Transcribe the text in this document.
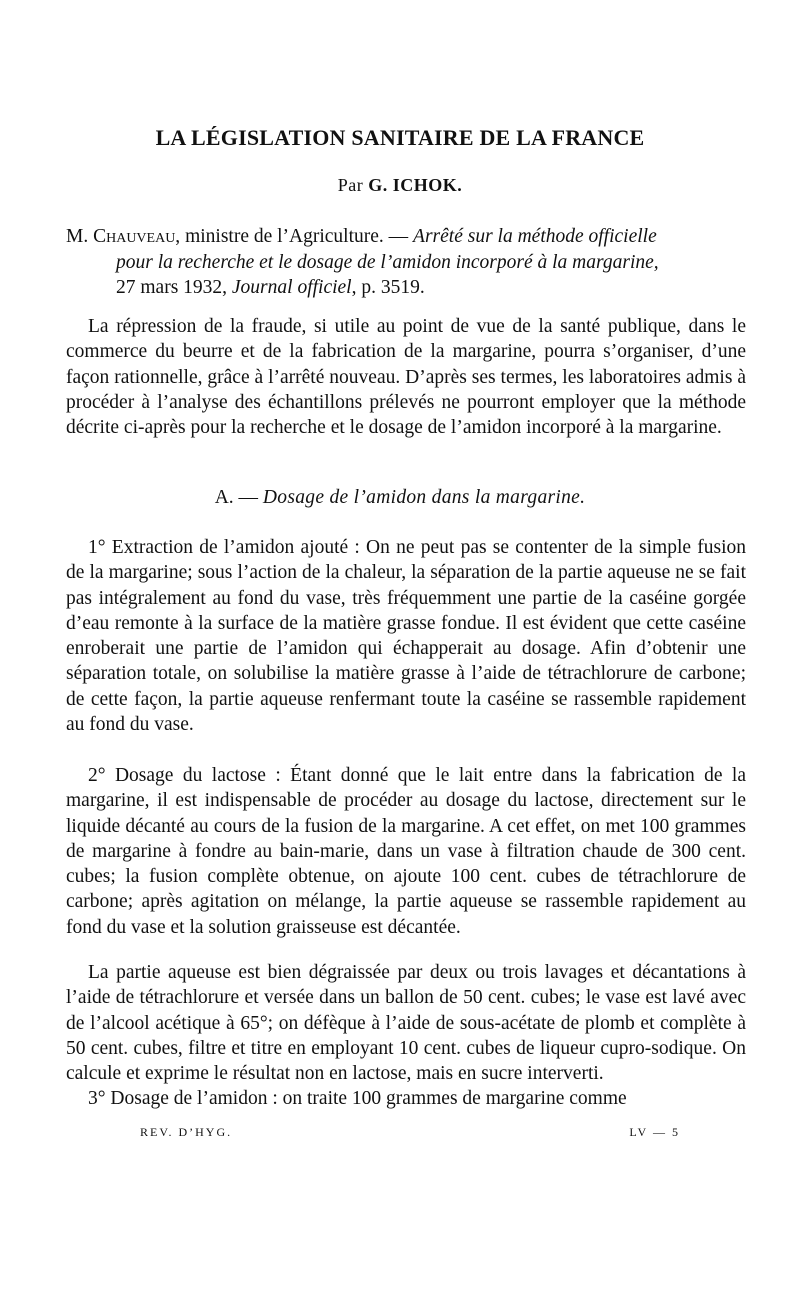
LA LÉGISLATION SANITAIRE DE LA FRANCE
Par G. ICHOK.
M. Chauveau, ministre de l’Agriculture. — Arrêté sur la méthode officielle
pour la recherche et le dosage de l’amidon incorporé à la margarine,
27 mars 1932, Journal officiel, p. 3519.

La répression de la fraude, si utile au point de vue de la santé publique, dans le commerce du beurre et de la fabrication de la margarine, pourra s’organiser, d’une façon rationnelle, grâce à l’arrêté nouveau. D’après ses termes, les laboratoires admis à procéder à l’analyse des échantillons prélevés ne pourront employer que la méthode décrite ci-après pour la recherche et le dosage de l’amidon incorporé à la margarine.

A. — Dosage de l’amidon dans la margarine.

1° Extraction de l’amidon ajouté : On ne peut pas se contenter de la simple fusion de la margarine; sous l’action de la chaleur, la séparation de la partie aqueuse ne se fait pas intégralement au fond du vase, très fréquemment une partie de la caséine gorgée d’eau remonte à la surface de la matière grasse fondue. Il est évident que cette caséine enroberait une partie de l’amidon qui échapperait au dosage. Afin d’obtenir une séparation totale, on solubilise la matière grasse à l’aide de tétrachlorure de carbone; de cette façon, la partie aqueuse renfermant toute la caséine se rassemble rapidement au fond du vase.

2° Dosage du lactose : Étant donné que le lait entre dans la fabrication de la margarine, il est indispensable de procéder au dosage du lactose, directement sur le liquide décanté au cours de la fusion de la margarine. A cet effet, on met 100 grammes de margarine à fondre au bain-marie, dans un vase à filtration chaude de 300 cent. cubes; la fusion complète obtenue, on ajoute 100 cent. cubes de tétrachlorure de carbone; après agitation on mélange, la partie aqueuse se rassemble rapidement au fond du vase et la solution graisseuse est décantée.

La partie aqueuse est bien dégraissée par deux ou trois lavages et décantations à l’aide de tétrachlorure et versée dans un ballon de 50 cent. cubes; le vase est lavé avec de l’alcool acétique à 65°; on défèque à l’aide de sous-acétate de plomb et complète à 50 cent. cubes, filtre et titre en employant 10 cent. cubes de liqueur cupro-sodique. On calcule et exprime le résultat non en lactose, mais en sucre interverti.

3° Dosage de l’amidon : on traite 100 grammes de margarine comme

REV. D’HYG.	LV — 5
